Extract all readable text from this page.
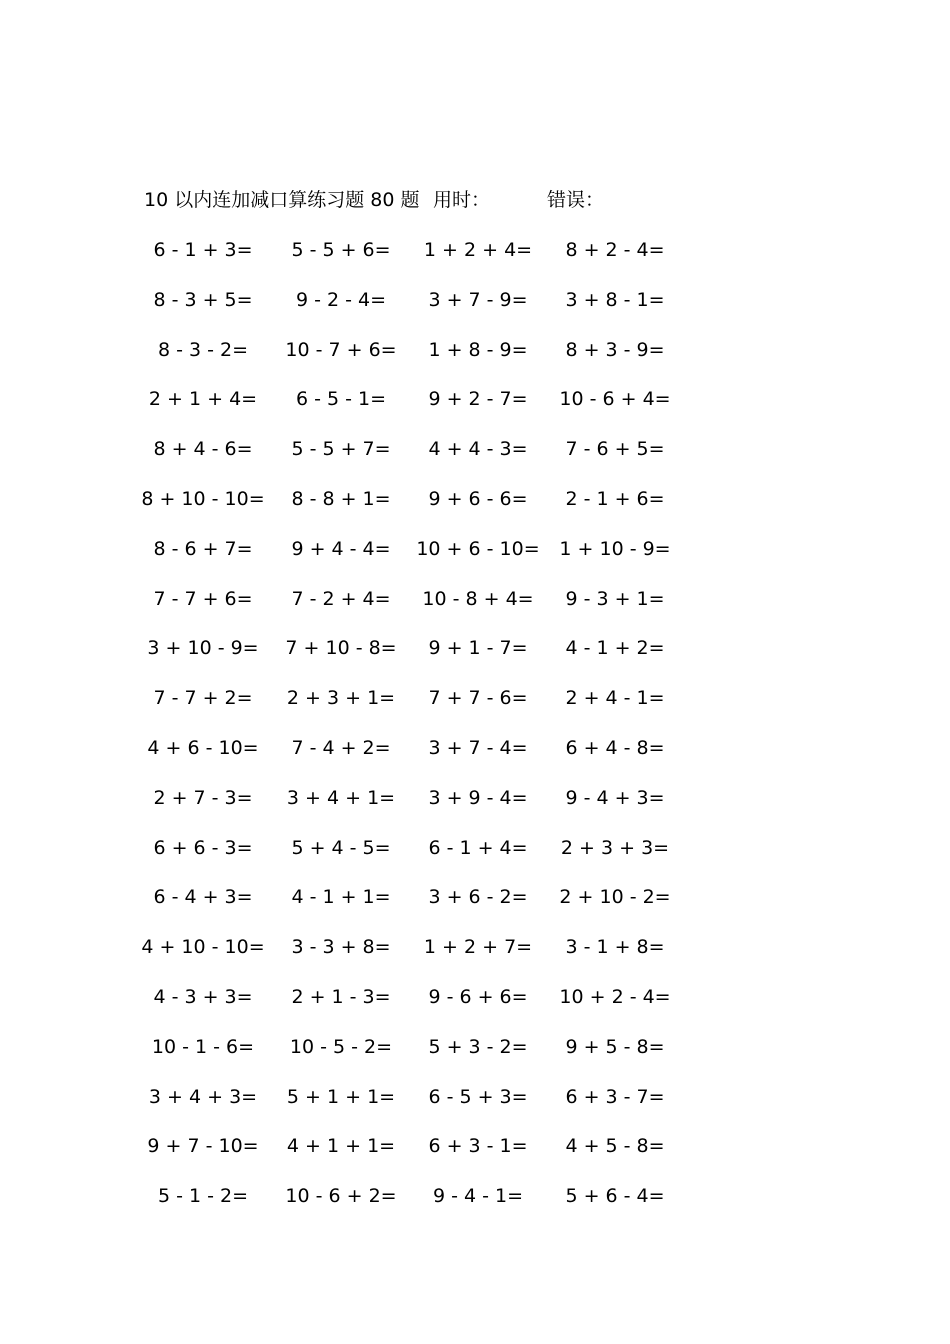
10 以内连加减口算练习题 80 题 用时：	错误：
6 - 1 + 3=	5 - 5 + 6=	1 + 2 + 4=	8 + 2 - 4=
8 - 3 + 5=	9 - 2 - 4=	3 + 7 - 9=	3 + 8 - 1=
8 - 3 - 2=	10 - 7 + 6=	1 + 8 - 9=	8 + 3 - 9=
2 + 1 + 4=	6 - 5 - 1=	9 + 2 - 7=	10 - 6 + 4=
8 + 4 - 6=	5 - 5 + 7=	4 + 4 - 3=	7 - 6 + 5=
8 + 10 - 10=	8 - 8 + 1=	9 + 6 - 6=	2 - 1 + 6=
8 - 6 + 7=	9 + 4 - 4=	10 + 6 - 10=	1 + 10 - 9=
7 - 7 + 6=	7 - 2 + 4=	10 - 8 + 4=	9 - 3 + 1=
3 + 10 - 9=	7 + 10 - 8=	9 + 1 - 7=	4 - 1 + 2=
7 - 7 + 2=	2 + 3 + 1=	7 + 7 - 6=	2 + 4 - 1=
4 + 6 - 10=	7 - 4 + 2=	3 + 7 - 4=	6 + 4 - 8=
2 + 7 - 3=	3 + 4 + 1=	3 + 9 - 4=	9 - 4 + 3=
6 + 6 - 3=	5 + 4 - 5=	6 - 1 + 4=	2 + 3 + 3=
6 - 4 + 3=	4 - 1 + 1=	3 + 6 - 2=	2 + 10 - 2=
4 + 10 - 10=	3 - 3 + 8=	1 + 2 + 7=	3 - 1 + 8=
4 - 3 + 3=	2 + 1 - 3=	9 - 6 + 6=	10 + 2 - 4=
10 - 1 - 6=	10 - 5 - 2=	5 + 3 - 2=	9 + 5 - 8=
3 + 4 + 3=	5 + 1 + 1=	6 - 5 + 3=	6 + 3 - 7=
9 + 7 - 10=	4 + 1 + 1=	6 + 3 - 1=	4 + 5 - 8=
5 - 1 - 2=	10 - 6 + 2=	9 - 4 - 1=	5 + 6 - 4=
